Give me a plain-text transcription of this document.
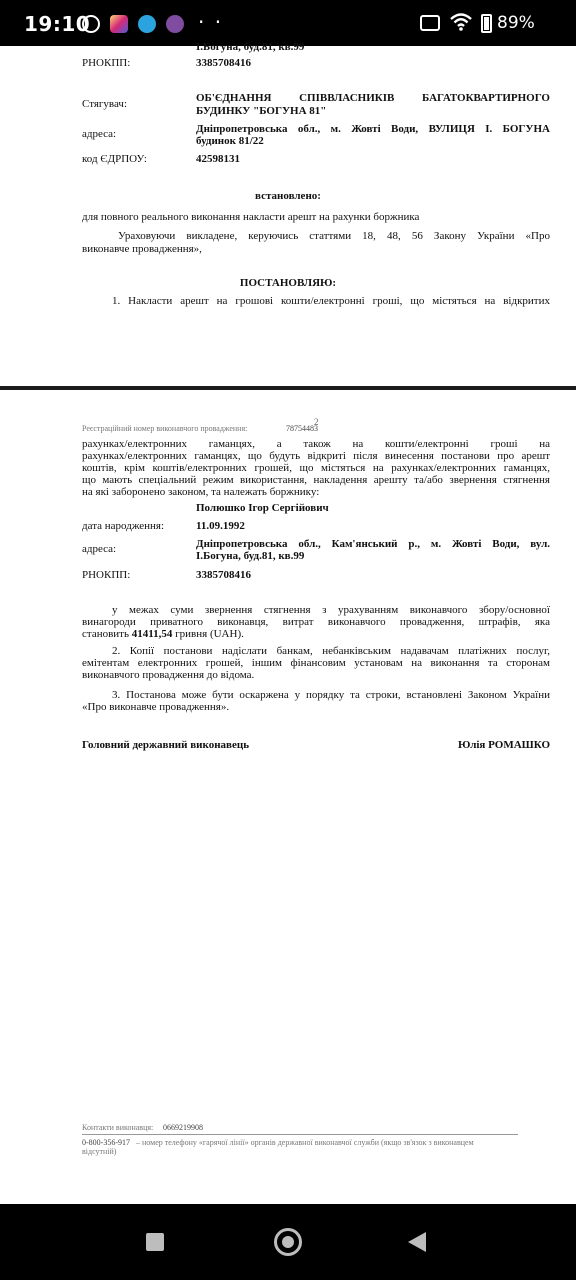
19:10	· ·	89%
І.Богуна, буд.81, кв.99
РНОКПП:	3385708416
Стягувач:	ОБ'ЄДНАННЯ СПІВВЛАСНИКІВ БАГАТОКВАРТИРНОГО
БУДИНКУ "БОГУНА 81"
адреса:	Дніпропетровська обл., м. Жовті Води, ВУЛИЦЯ І. БОГУНА
будинок 81/22
код ЄДРПОУ:	42598131
встановлено:
для повного реального виконання накласти арешт на рахунки боржника
Ураховуючи викладене, керуючись статтями 18, 48, 56 Закону України «Про
виконавче провадження»,
ПОСТАНОВЛЯЮ:
1. Накласти арешт на грошові кошти/електронні гроші, що містяться на відкритих
2
Реєстраційний номер виконавчого провадження:	78754483
рахунках/електронних гаманцях, а також на кошти/електронні гроші на
рахунках/електронних гаманцях, що будуть відкриті після винесення постанови про арешт
коштів, крім коштів/електронних грошей, що містяться на рахунках/електронних гаманцях,
що мають спеціальний режим використання, накладення арешту та/або звернення стягнення
на які заборонено законом, та належать боржнику:
Полюшко Ігор Сергійович
дата народження:	11.09.1992
адреса:	Дніпропетровська обл., Кам'янський р., м. Жовті Води, вул.
І.Богуна, буд.81, кв.99
РНОКПП:	3385708416
у межах суми звернення стягнення з урахуванням виконавчого збору/основної
винагороди приватного виконавця, витрат виконавчого провадження, штрафів, яка
становить 41411,54 гривня (UAH).
2. Копії постанови надіслати банкам, небанківським надавачам платіжних послуг,
емітентам електронних грошей, іншим фінансовим установам на виконання та сторонам
виконавчого провадження до відома.
3. Постанова може бути оскаржена у порядку та строки, встановлені Законом України
«Про виконавче провадження».
Головний державний виконавець	Юлія РОМАШКО
Контакти виконавця: 0669219908
0-800-356-917 – номер телефону «гарячої лінії» органів державної виконавчої служби (якщо зв'язок з виконавцем
відсутній)
